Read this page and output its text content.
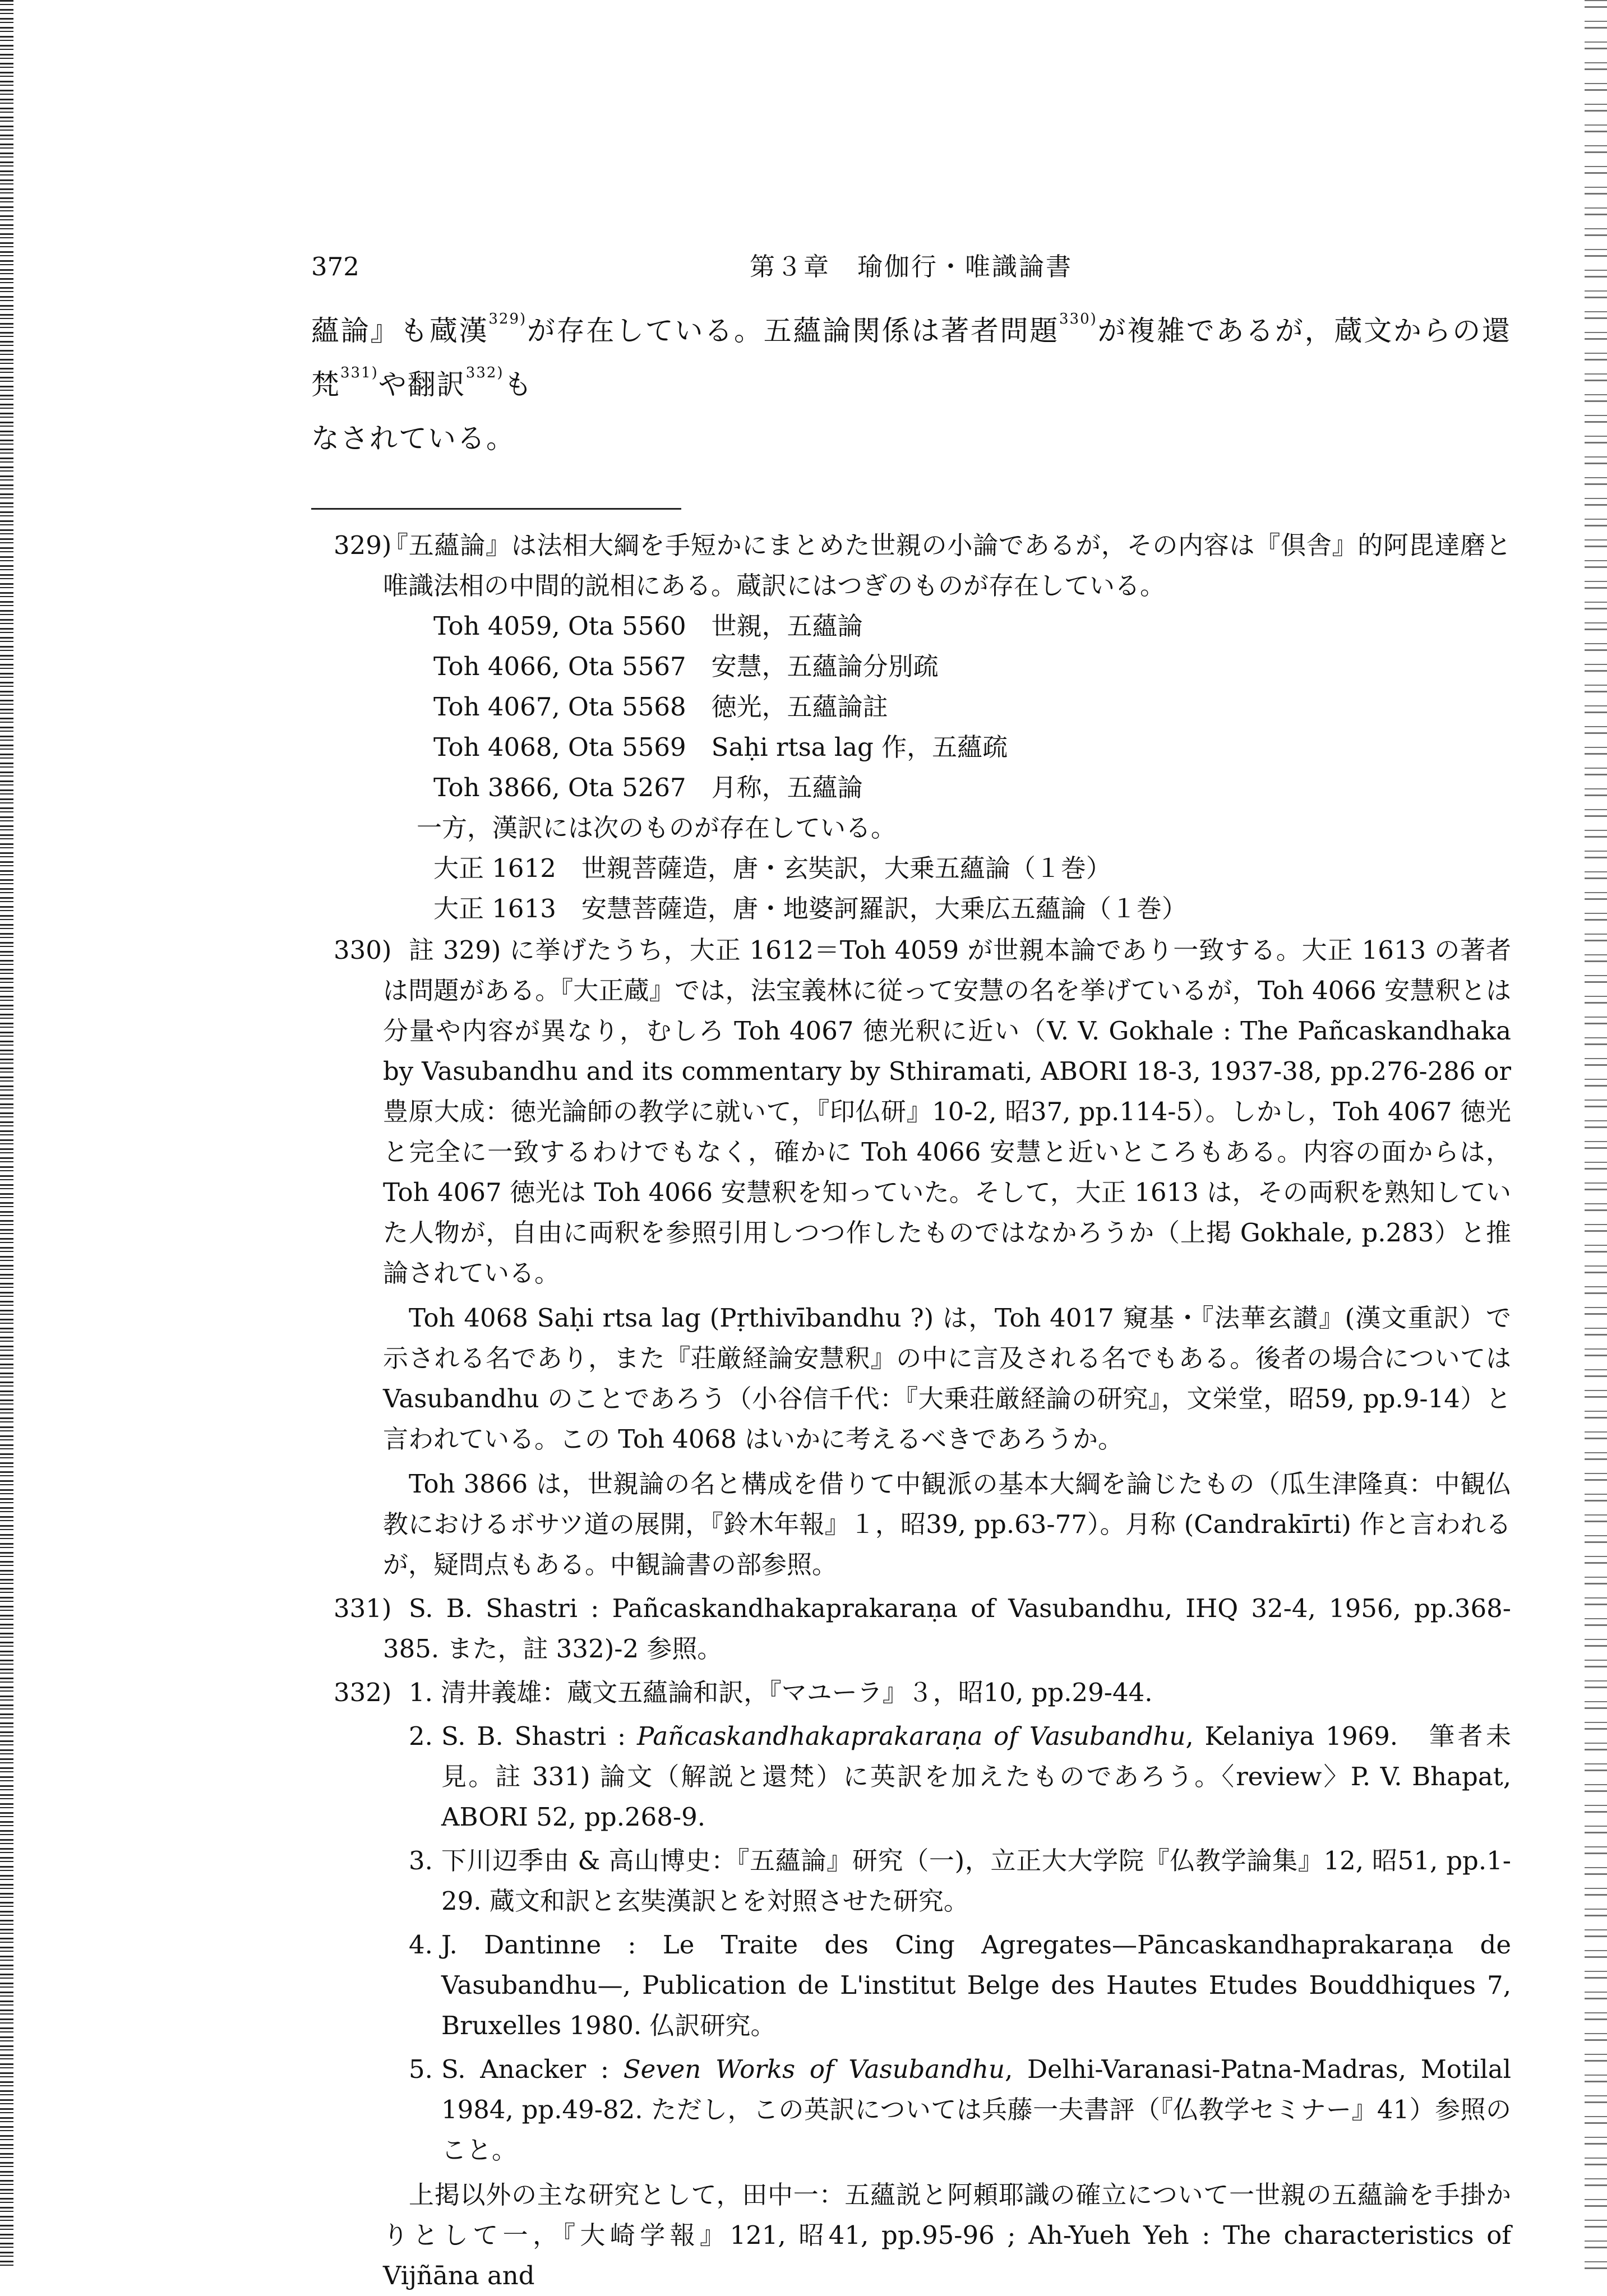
372	第３章　瑜伽行・唯識論書

蘊論』も蔵漢$^{329)}$が存在している。五蘊論関係は著者問題$^{330)}$が複雑であるが，蔵文からの還梵$^{331)}$や翻訳$^{332)}$も
なされている。

329)

『五蘊論』は法相大綱を手短かにまとめた世親の小論であるが，その内容は『倶舎』的阿毘達磨と唯識法相の中間的説相にある。蔵訳にはつぎのものが存在している。

Toh 4059, Ota 5560　世親，五蘊論
Toh 4066, Ota 5567　安慧，五蘊論分別疏
Toh 4067, Ota 5568　徳光，五蘊論註
Toh 4068, Ota 5569　Saḥi rtsa lag 作，五蘊疏
Toh 3866, Ota 5267　月称，五蘊論
一方，漢訳には次のものが存在している。
大正 1612　世親菩薩造，唐・玄奘訳，大乗五蘊論（１巻）
大正 1613　安慧菩薩造，唐・地婆訶羅訳，大乗広五蘊論（１巻）
330) 註 329) に挙げたうち，大正 1612＝Toh 4059 が世親本論であり一致する。大正 1613 の著者は問題がある。『大正蔵』では，法宝義林に従って安慧の名を挙げているが，Toh 4066 安慧釈とは分量や内容が異なり，むしろ Toh 4067 徳光釈に近い（V. V. Gokhale : The Pañcaskandhaka by Vasubandhu and its commentary by Sthiramati, ABORI 18-3, 1937-38, pp.276-286 or　豊原大成：徳光論師の教学に就いて，『印仏研』10-2, 昭37, pp.114-5）。しかし，Toh 4067 徳光と完全に一致するわけでもなく，確かに Toh 4066 安慧と近いところもある。内容の面からは，Toh 4067 徳光は Toh 4066 安慧釈を知っていた。そして，大正 1613 は，その両釈を熟知していた人物が，自由に両釈を参照引用しつつ作したものではなかろうか（上掲 Gokhale, p.283）と推論されている。

Toh 4068 Saḥi rtsa lag (Pṛthivībandhu ?) は，Toh 4017 窺基・『法華玄讃』(漢文重訳）で示される名であり，また『荘厳経論安慧釈』の中に言及される名でもある。後者の場合については Vasubandhu のことであろう（小谷信千代：『大乗荘厳経論の研究』，文栄堂，昭59, pp.9-14）と言われている。この Toh 4068 はいかに考えるべきであろうか。

Toh 3866 は，世親論の名と構成を借りて中観派の基本大綱を論じたもの（瓜生津隆真：中観仏教におけるボサツ道の展開，『鈴木年報』１，昭39, pp.63-77）。月称 (Candrakīrti) 作と言われるが，疑問点もある。中観論書の部参照。

331) S. B. Shastri : Pañcaskandhakaprakaraṇa of Vasubandhu, IHQ 32-4, 1956, pp.368-385. また，註 332)-2 参照。

332) 1. 清井義雄：蔵文五蘊論和訳，『マユーラ』３，昭10, pp.29-44.
2. S. B. Shastri : Pañcaskandhakaprakaraṇa of Vasubandhu, Kelaniya 1969.　筆者未見。註 331) 論文（解説と還梵）に英訳を加えたものであろう。〈review〉P. V. Bhapat, ABORI 52, pp.268-9.
3. 下川辺季由 & 高山博史：『五蘊論』研究（一)，立正大大学院『仏教学論集』12, 昭51, pp.1-29. 蔵文和訳と玄奘漢訳とを対照させた研究。
4. J. Dantinne : Le Traite des Cing Agregates—Pāncaskandhaprakaraṇa de Vasubandhu—, Publication de L'institut Belge des Hautes Etudes Bouddhiques 7, Bruxelles 1980. 仏訳研究。
5. S. Anacker : Seven Works of Vasubandhu, Delhi-Varanasi-Patna-Madras, Motilal 1984, pp.49-82. ただし，この英訳については兵藤一夫書評（『仏教学セミナー』41）参照のこと。

上掲以外の主な研究として，田中一：五蘊説と阿頼耶識の確立について一世親の五蘊論を手掛かりとして一，『大崎学報』121, 昭41, pp.95-96 ; Ah-Yueh Yeh : The characteristics of Vijñāna and
